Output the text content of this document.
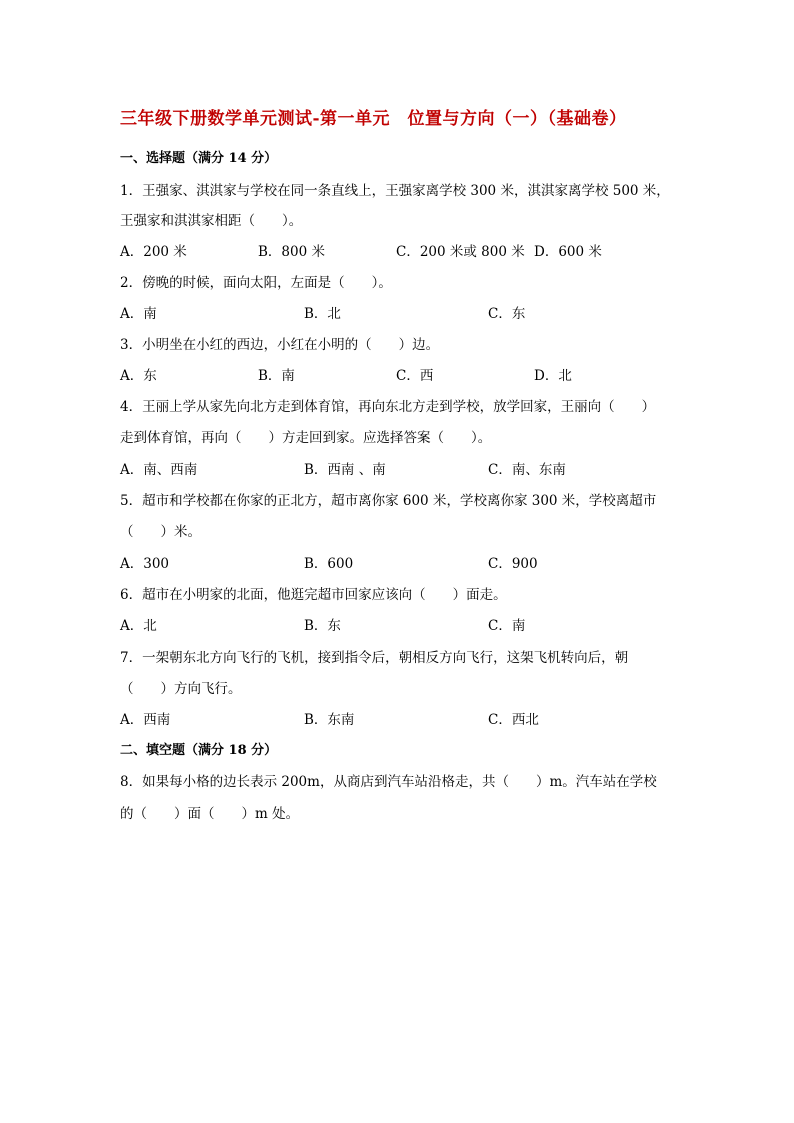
三年级下册数学单元测试-第一单元　位置与方向（一）（基础卷）
一、选择题（满分 14 分）
1．王强家、淇淇家与学校在同一条直线上，王强家离学校 300 米，淇淇家离学校 500 米，
王强家和淇淇家相距（　　）。
A．200 米	B．800 米	C．200 米或 800 米 D．600 米
2．傍晚的时候，面向太阳，左面是（　　）。
A．南	B．北	C．东
3．小明坐在小红的西边，小红在小明的（　　）边。
A．东	B．南	C．西	D．北
4．王丽上学从家先向北方走到体育馆，再向东北方走到学校，放学回家，王丽向（　　）
走到体育馆，再向（　　）方走回到家。应选择答案（　　）。
A．南、西南	B．西南 、南	C．南、东南
5．超市和学校都在你家的正北方，超市离你家 600 米，学校离你家 300 米，学校离超市
（　　）米。
A．300	B．600	C．900
6．超市在小明家的北面，他逛完超市回家应该向（　　）面走。
A．北	B．东	C．南
7．一架朝东北方向飞行的飞机，接到指令后，朝相反方向飞行，这架飞机转向后，朝
（　　）方向飞行。
A．西南	B．东南	C．西北
二、填空题（满分 18 分）
8．如果每小格的边长表示 200m，从商店到汽车站沿格走，共（　　）m。汽车站在学校
的（　　）面（　　）m 处。
